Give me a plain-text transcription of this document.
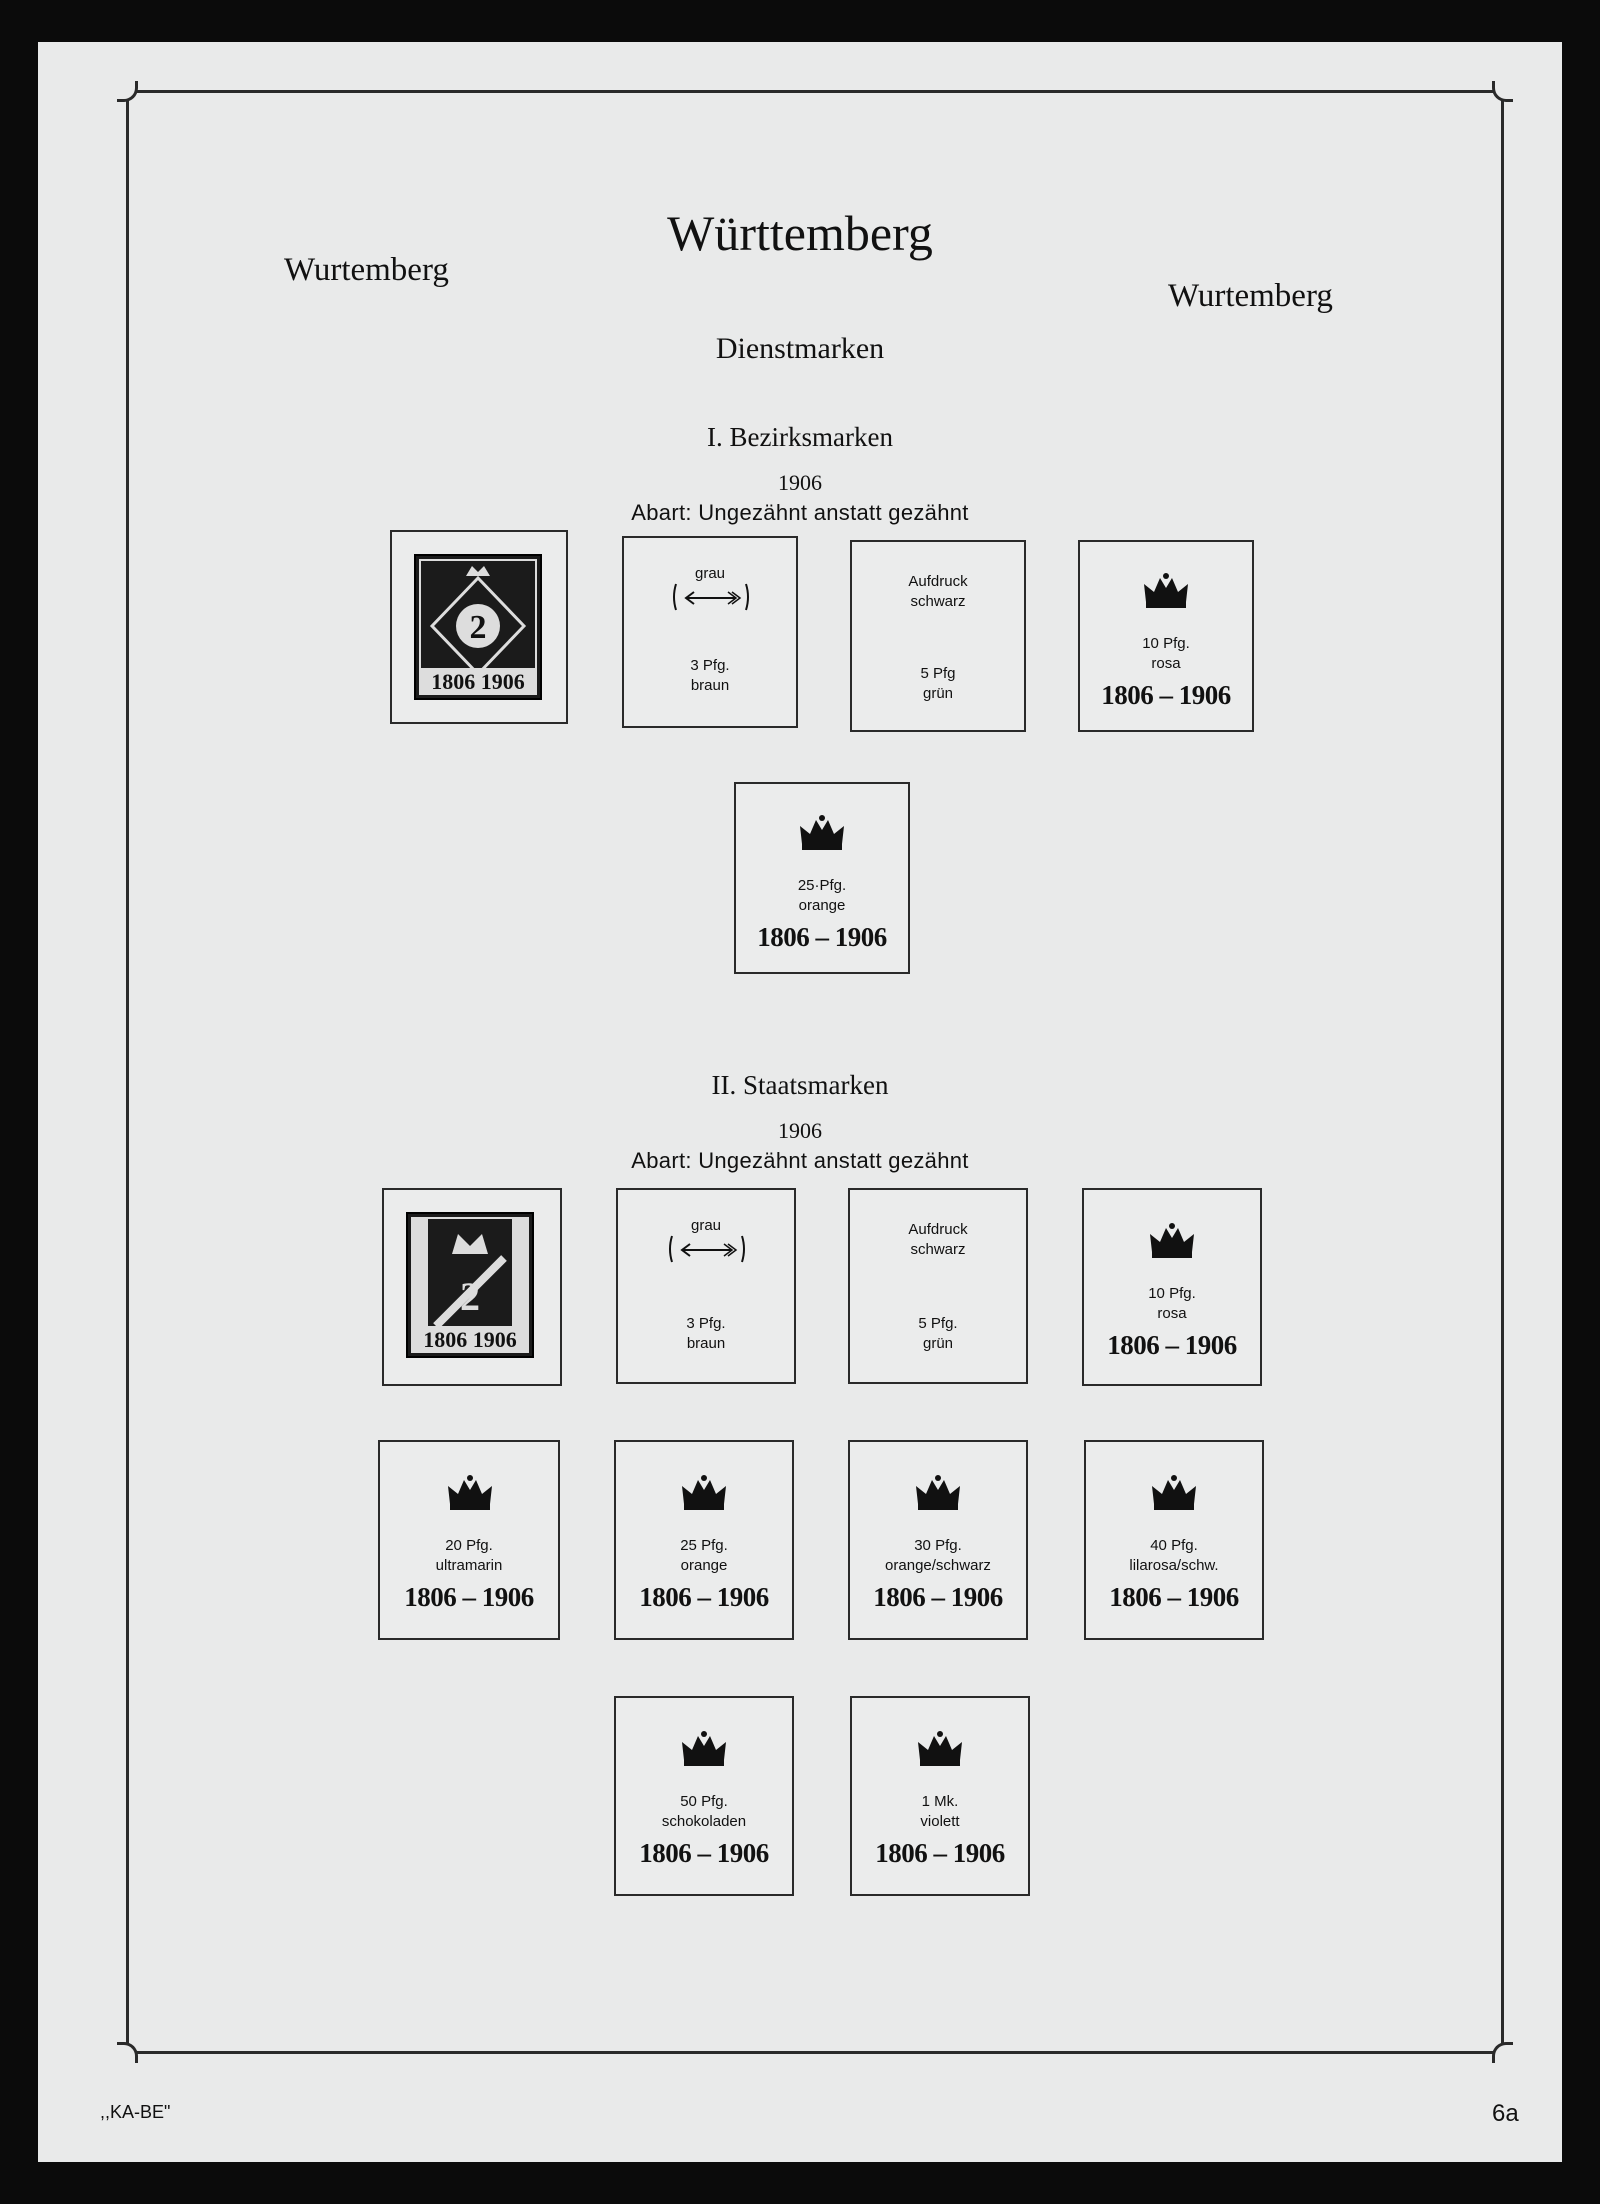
Württemberg
Wurtemberg
Wurtemberg
Dienstmarken
I. Bezirksmarken
1906
Abart: Ungezähnt anstatt gezähnt
2
1806 1906
grau
3 Pfg.
braun
Aufdruck
schwarz
5 Pfg
grün
10 Pfg.
rosa
1806 – 1906
25·Pfg.
orange
1806 – 1906
II. Staatsmarken
1906
Abart: Ungezähnt anstatt gezähnt
2
1806 1906
grau
3 Pfg.
braun
Aufdruck
schwarz
5 Pfg.
grün
10 Pfg.
rosa
1806 – 1906
20 Pfg.
ultramarin
1806 – 1906
25 Pfg.
orange
1806 – 1906
30 Pfg.
orange/schwarz
1806 – 1906
40 Pfg.
lilarosa/schw.
1806 – 1906
50 Pfg.
schokoladen
1806 – 1906
1 Mk.
violett
1806 – 1906
,,KA-BE"	6a
